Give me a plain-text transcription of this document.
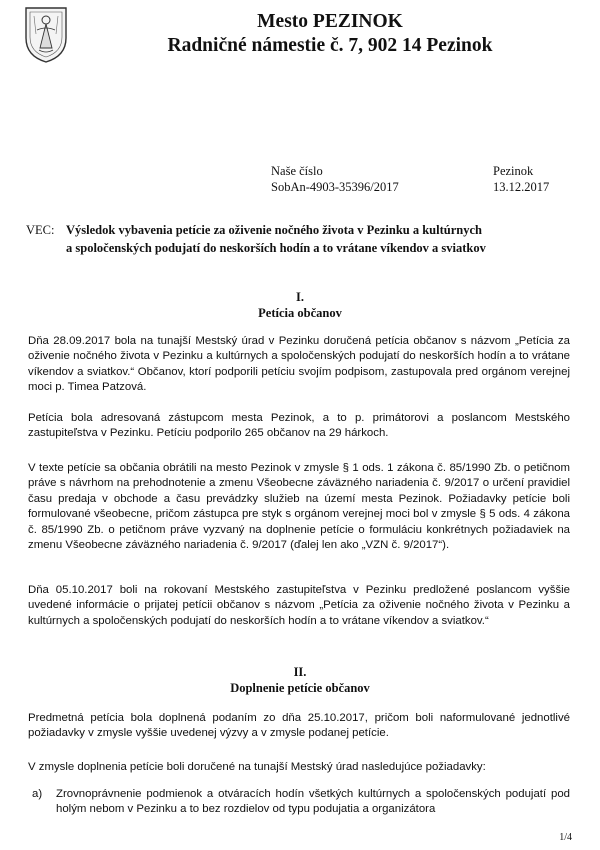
Mesto PEZINOK
Radničné námestie č. 7, 902 14 Pezinok
Naše číslo
SobAn-4903-35396/2017
Pezinok
13.12.2017
VEC: Výsledok vybavenia petície za oživenie nočného života v Pezinku a kultúrnych
a spoločenských podujatí do neskorších hodín a to vrátane víkendov a sviatkov
I.
Petícia občanov

Dňa 28.09.2017 bola na tunajší Mestský úrad v Pezinku doručená petícia občanov s názvom „Petícia za oživenie nočného života v Pezinku a kultúrnych a spoločenských podujatí do neskorších hodín a to vrátane víkendov a sviatkov.“ Občanov, ktorí podporili petíciu svojím podpisom, zastupovala pred orgánom verejnej moci p. Timea Patzová.

Petícia bola adresovaná zástupcom mesta Pezinok, a to p. primátorovi a poslancom Mestského zastupiteľstva v Pezinku. Petíciu podporilo 265 občanov na 29 hárkoch.

V texte petície sa občania obrátili na mesto Pezinok v zmysle § 1 ods. 1 zákona č. 85/1990 Zb. o petičnom práve s návrhom na prehodnotenie a zmenu Všeobecne záväzného nariadenia č. 9/2017 o určení pravidiel času predaja v obchode a času prevádzky služieb na území mesta Pezinok. Požiadavky petície boli formulované všeobecne, pričom zástupca pre styk s orgánom verejnej moci bol v zmysle § 5 ods. 4 zákona č. 85/1990 Zb. o petičnom práve vyzvaný na doplnenie petície o formuláciu konkrétnych požiadaviek na zmenu Všeobecne záväzného nariadenia č. 9/2017 (ďalej len ako „VZN č. 9/2017“).

Dňa 05.10.2017 boli na rokovaní Mestského zastupiteľstva v Pezinku predložené poslancom vyššie uvedené informácie o prijatej petícii občanov s názvom „Petícia za oživenie nočného života v Pezinku a kultúrnych a spoločenských podujatí do neskorších hodín a to vrátane víkendov a sviatkov.“

II.
Doplnenie petície občanov

Predmetná petícia bola doplnená podaním zo dňa 25.10.2017, pričom boli naformulované jednotlivé požiadavky v zmysle vyššie uvedenej výzvy a v zmysle podanej petície.

V zmysle doplnenia petície boli doručené na tunajší Mestský úrad nasledujúce požiadavky:

a) Zrovnoprávnenie podmienok a otváracích hodín všetkých kultúrnych a spoločenských podujatí pod holým nebom v Pezinku a to bez rozdielov od typu podujatia a organizátora
1/4
